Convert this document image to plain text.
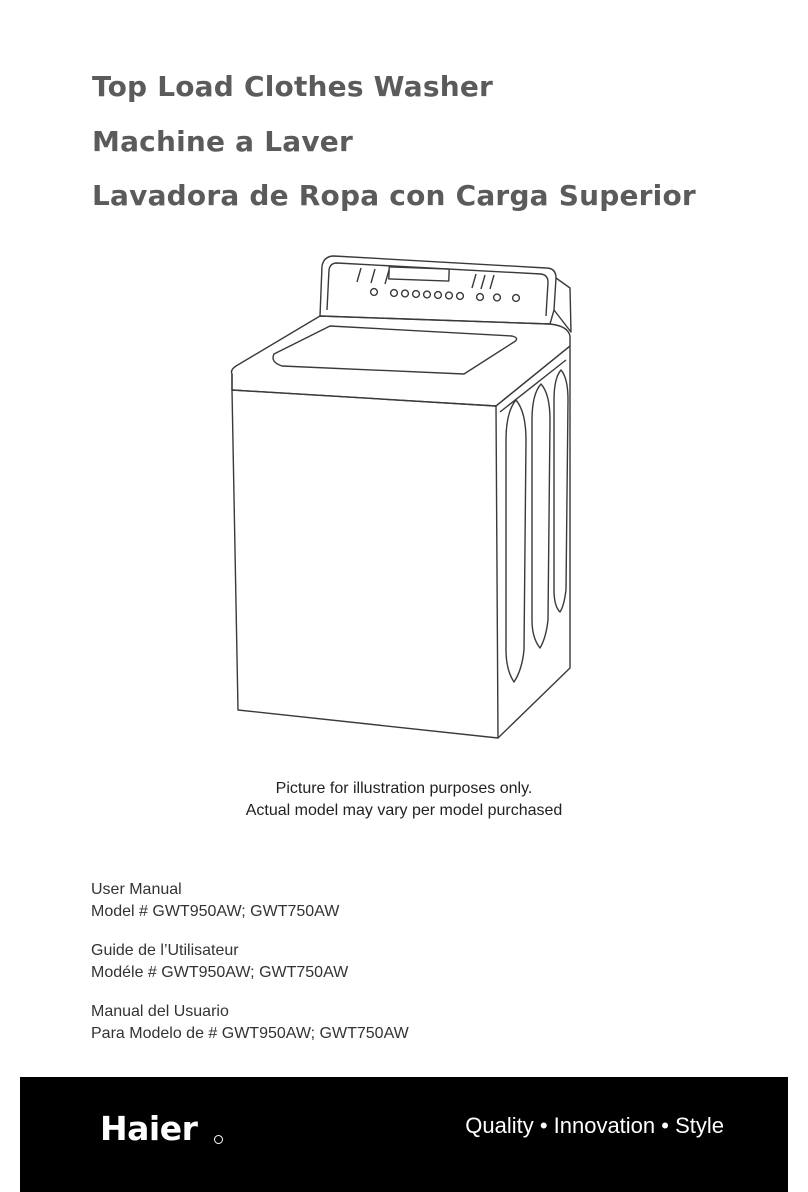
Top Load Clothes Washer
Machine a Laver
Lavadora de Ropa con Carga Superior
Picture for illustration purposes only.
Actual model may vary per model purchased
User Manual
Model # GWT950AW; GWT750AW
Guide de l’Utilisateur
Modéle # GWT950AW; GWT750AW
Manual del Usuario
Para Modelo de # GWT950AW; GWT750AW
Haier	Quality • Innovation • Style
